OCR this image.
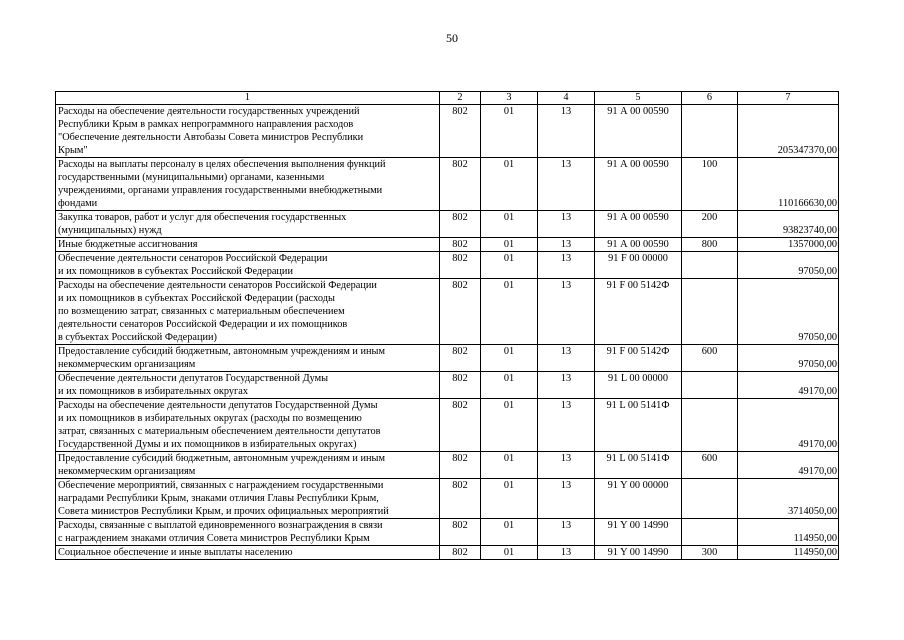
50
1	2	3	4	5	6	7
Расходы на обеспечение деятельности государственных учреждений
Республики Крым в рамках непрограммного направления расходов
"Обеспечение деятельности Автобазы Совета министров Республики
Крым"	802	01	13	91 А 00 00590		205347370,00
Расходы на выплаты персоналу в целях обеспечения выполнения функций
государственными (муниципальными) органами, казенными
учреждениями, органами управления государственными внебюджетными
фондами	802	01	13	91 А 00 00590	100	110166630,00
Закупка товаров, работ и услуг для обеспечения государственных
(муниципальных) нужд	802	01	13	91 А 00 00590	200	93823740,00
Иные бюджетные ассигнования	802	01	13	91 А 00 00590	800	1357000,00
Обеспечение деятельности сенаторов Российской Федерации
и их помощников в субъектах Российской Федерации	802	01	13	91 F 00 00000		97050,00
Расходы на обеспечение деятельности сенаторов Российской Федерации
и их помощников в субъектах Российской Федерации (расходы
по возмещению затрат, связанных с материальным обеспечением
деятельности сенаторов Российской Федерации и их помощников
в субъектах Российской Федерации)	802	01	13	91 F 00 5142Ф		97050,00
Предоставление субсидий бюджетным, автономным учреждениям и иным
некоммерческим организациям	802	01	13	91 F 00 5142Ф	600	97050,00
Обеспечение деятельности депутатов Государственной Думы
и их помощников в избирательных округах	802	01	13	91 L 00 00000		49170,00
Расходы на обеспечение деятельности депутатов Государственной Думы
и их помощников в избирательных округах (расходы по возмещению
затрат, связанных с материальным обеспечением деятельности депутатов
Государственной Думы и их помощников в избирательных округах)	802	01	13	91 L 00 5141Ф		49170,00
Предоставление субсидий бюджетным, автономным учреждениям и иным
некоммерческим организациям	802	01	13	91 L 00 5141Ф	600	49170,00
Обеспечение мероприятий, связанных с награждением государственными
наградами Республики Крым, знаками отличия Главы Республики Крым,
Совета министров Республики Крым, и прочих официальных мероприятий	802	01	13	91 Y 00 00000		3714050,00
Расходы, связанные с выплатой единовременного вознаграждения в связи
с награждением знаками отличия Совета министров Республики Крым	802	01	13	91 Y 00 14990		114950,00
Социальное обеспечение и иные выплаты населению	802	01	13	91 Y 00 14990	300	114950,00
